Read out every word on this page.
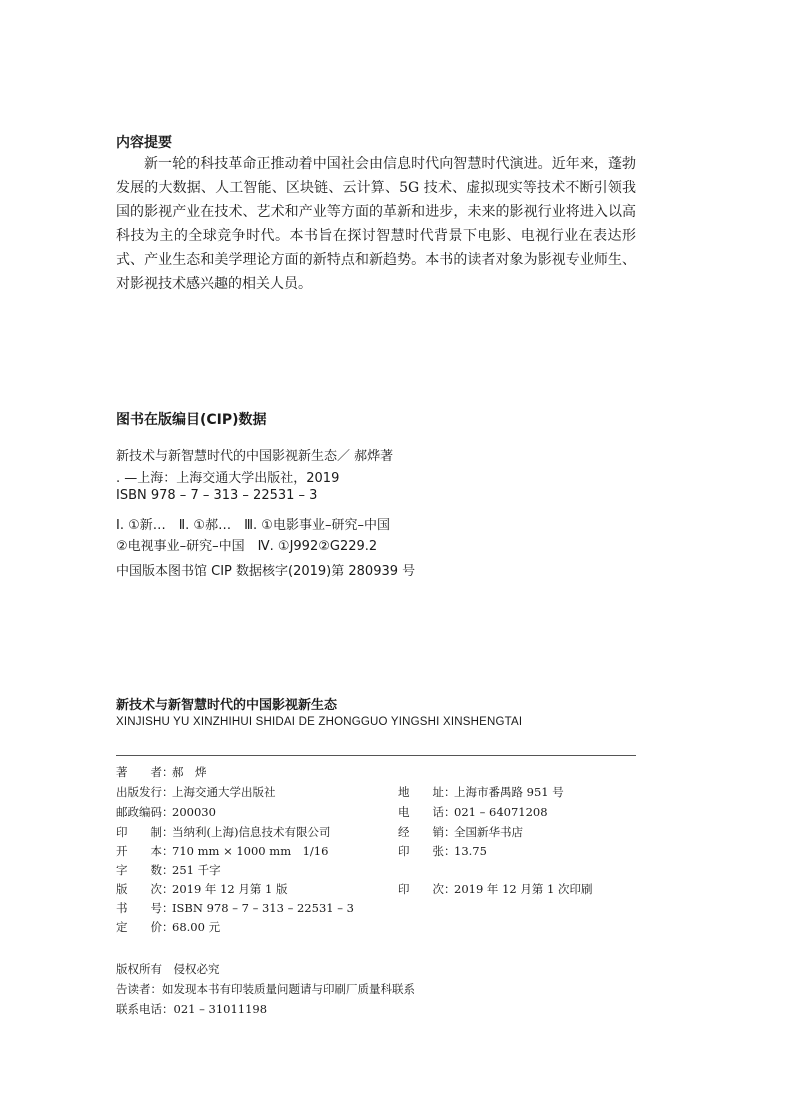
内容提要

新一轮的科技革命正推动着中国社会由信息时代向智慧时代演进。近年来，蓬勃发展的大数据、人工智能、区块链、云计算、5G 技术、虚拟现实等技术不断引领我国的影视产业在技术、艺术和产业等方面的革新和进步，未来的影视行业将进入以高科技为主的全球竞争时代。本书旨在探讨智慧时代背景下电影、电视行业在表达形式、产业生态和美学理论方面的新特点和新趋势。本书的读者对象为影视专业师生、对影视技术感兴趣的相关人员。

图书在版编目(CIP)数据
新技术与新智慧时代的中国影视新生态／ 郝烨著
. —上海：上海交通大学出版社，2019
ISBN 978 – 7 – 313 – 22531 – 3
Ⅰ. ①新…　Ⅱ. ①郝…　Ⅲ. ①电影事业–研究–中国
②电视事业–研究–中国　Ⅳ. ①J992②G229.2
中国版本图书馆 CIP 数据核字(2019)第 280939 号
新技术与新智慧时代的中国影视新生态
XINJISHU YU XINZHIHUI SHIDAI DE ZHONGGUO YINGSHI XINSHENGTAI
著　　者：郝　烨
出版发行：上海交通大学出版社	地　　址：上海市番禺路 951 号
邮政编码：200030	电　　话：021 – 64071208
印　　制：当纳利(上海)信息技术有限公司	经　　销：全国新华书店
开　　本：710 mm × 1000 mm　1/16	印　　张：13.75
字　　数：251 千字
版　　次：2019 年 12 月第 1 版	印　　次：2019 年 12 月第 1 次印刷
书　　号：ISBN 978 – 7 – 313 – 22531 – 3
定　　价：68.00 元
版权所有　侵权必究
告读者：如发现本书有印装质量问题请与印刷厂质量科联系
联系电话：021 – 31011198
